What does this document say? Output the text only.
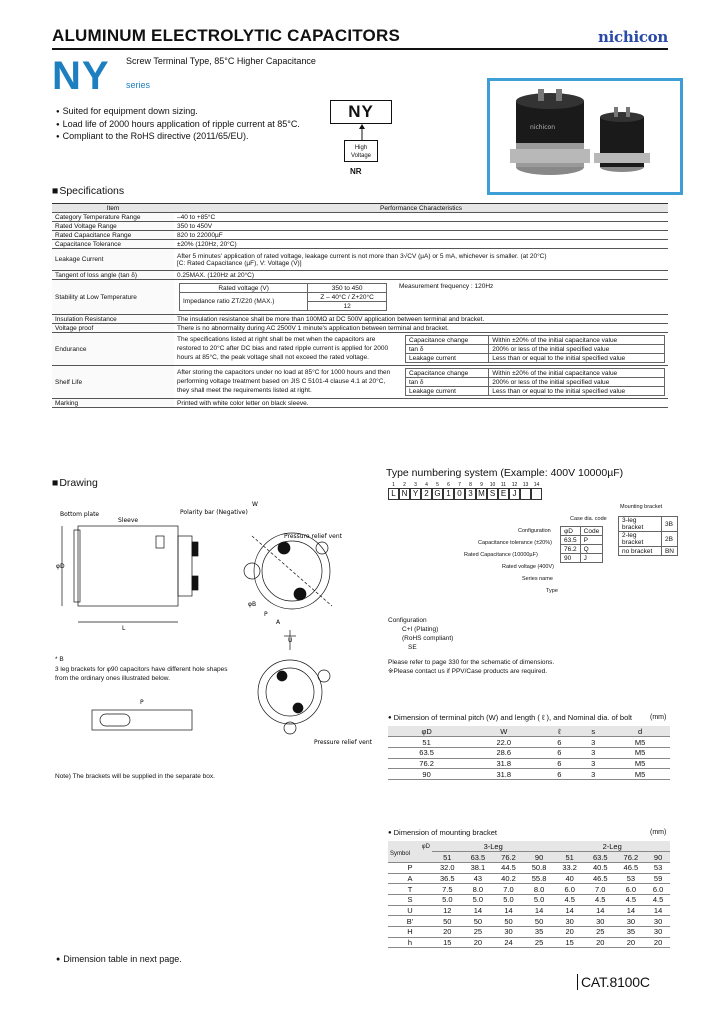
ALUMINUM ELECTROLYTIC CAPACITORS	nichicon
NY Screw Terminal Type, 85°C Higher Capacitance
series
● Suited for equipment down sizing.
● Load life of 2000 hours application of ripple current at 85°C.
● Compliant to the RoHS directive (2011/65/EU).
NY
High
Voltage
NR
nichicon
■ Specifications
Item	Performance Characteristics
Category Temperature Range	–40 to +85°C
Rated Voltage Range	350 to 450V
Rated Capacitance Range	820 to 22000µF
Capacitance Tolerance	±20% (120Hz, 20°C)
Leakage Current	After 5 minutes' application of rated voltage, leakage current is not more than 3√CV (µA) or 5 mA, whichever is smaller. (at 20°C)
[C: Rated Capacitance (µF), V: Voltage (V)]

Tangent of loss angle (tan δ)	0.25MAX. (120Hz at 20°C)
Stability at Low Temperature	
Rated voltage (V)	350 to 450
Impedance ratio ZT/Z20 (MAX.)	Z – 40°C / Z+20°C
12
Measurement frequency : 120Hz

Insulation Resistance	The insulation resistance shall be more than 100MΩ at DC 500V application between terminal and bracket.
Voltage proof	There is no abnormality during AC 2500V 1 minute's application between terminal and bracket.
Endurance	
The specifications listed at right shall be met when the capacitors are restored to 20°C after DC bias and rated ripple current is applied for 2000 hours at 85°C, the peak voltage shall not exceed the rated voltage.
Capacitance change	Within ±20% of the initial capacitance value
tan δ	200% or less of the initial specified value
Leakage current	Less than or equal to the initial specified value

Shelf Life	
After storing the capacitors under no load at 85°C for 1000 hours and then performing voltage treatment based on JIS C 5101-4 clause 4.1 at 20°C, they shall meet the requirements listed at right.
Capacitance change	Within ±20% of the initial capacitance value
tan δ	200% or less of the initial specified value
Leakage current	Less than or equal to the initial specified value

Marking	Printed with white color letter on black sleeve.
■ Drawing
Bottom plate
Sleeve
Polarity bar (Negative)
Pressure relief vent
φD
L
φB
P
A
W
* B
3 leg brackets for φ90 capacitors have different hole shapes from the ordinary ones illustrated below.
P
U
Pressure relief vent
Note) The brackets will be supplied in the separate box.
Type numbering system (Example: 400V 10000µF)
1	2	3	4	5	6	7	8	9	10	11	12	13	14
L N Y 2 G 1 0 3 M S E J
Mounting bracket
Case dia. code
Configuration
Capacitance tolerance (±20%)
Rated Capacitance (10000µF)
Rated voltage (400V)
Series name
Type
φD	Code
63.5	P
76.2	Q
90	J
3-leg bracket	3B
2-leg bracket	2B
no bracket	BN
Configuration
C+I (Plating)
(RoHS compliant)
SE
Please refer to page 330 for the schematic of dimensions.
※Please contact us if PPV/Case products are required.
● Dimension of terminal pitch (W) and length ( ℓ ), and Nominal dia. of bolt	(mm)
φD	W	ℓ	s	d
51	22.0	6	3	M5
63.5	28.6	6	3	M5
76.2	31.8	6	3	M5
90	31.8	6	3	M5
● Dimension of mounting bracket	(mm)
φD
Symbol	3-Leg				2-Leg			
	51	63.5	76.2	90	51	63.5	76.2	90
P	32.0	38.1	44.5	50.8	33.2	40.5	46.5	53
A	36.5	43	40.2	55.8	40	46.5	53	59
T	7.5	8.0	7.0	8.0	6.0	7.0	6.0	6.0
S	5.0	5.0	5.0	5.0	4.5	4.5	4.5	4.5
U	12	14	14	14	14	14	14	14
B'	50	50	50	50	30	30	30	30
H	20	25	30	35	20	25	35	30
h	15	20	24	25	15	20	20	20
● Dimension table in next page.
CAT.8100C
